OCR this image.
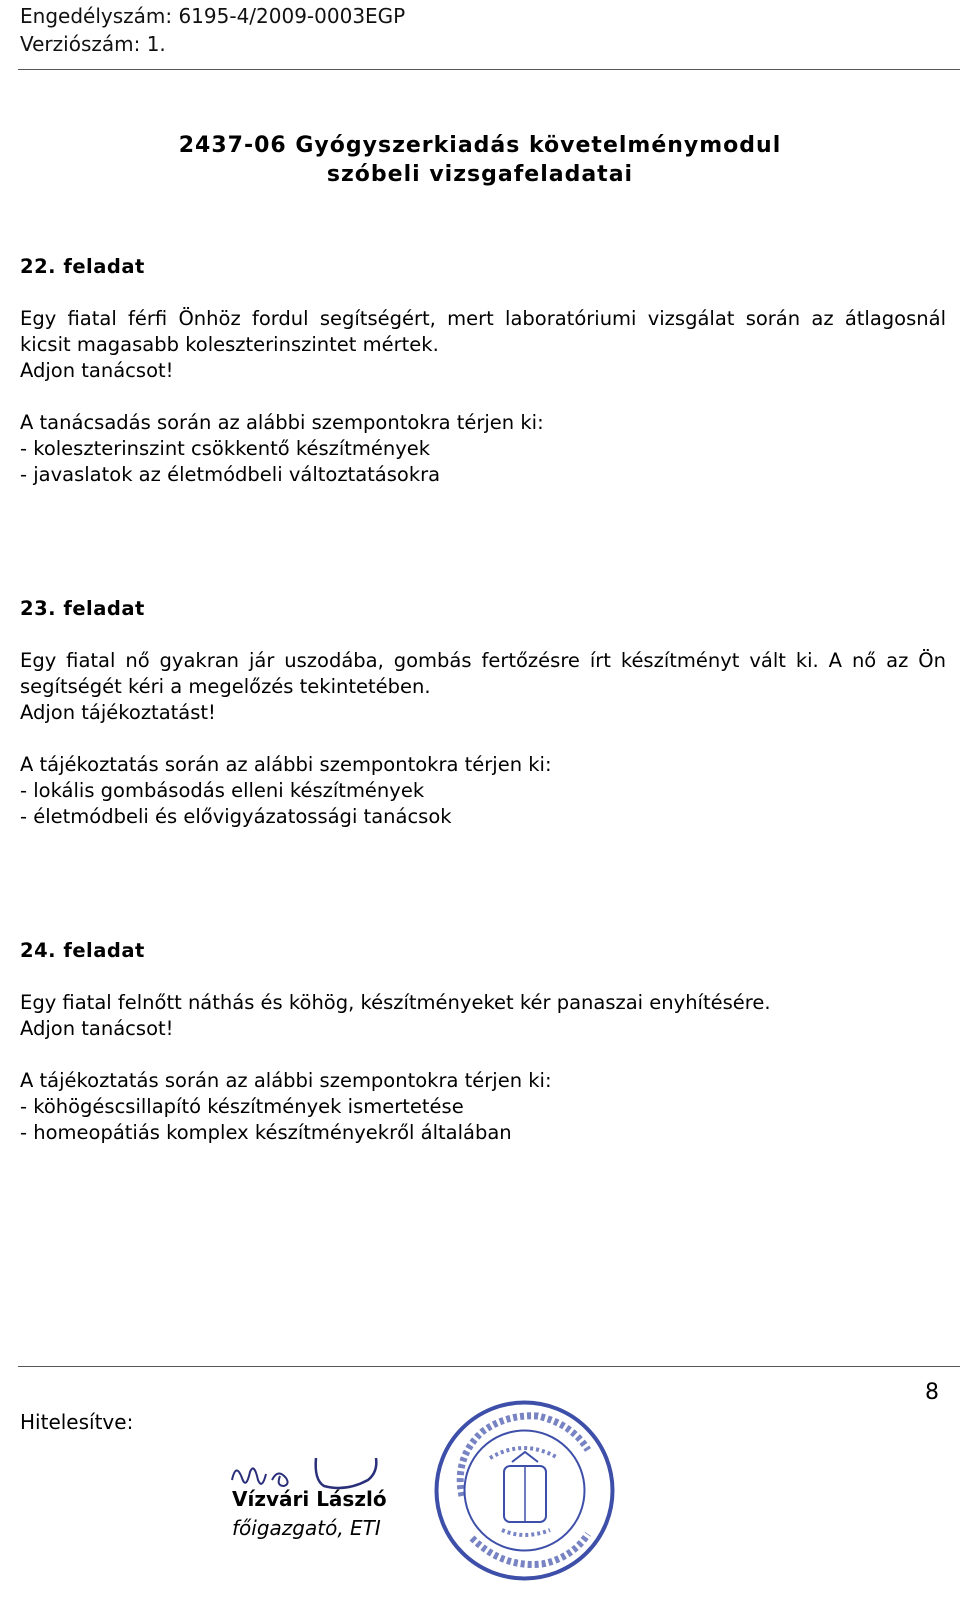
Engedélyszám: 6195-4/2009-0003EGP
Verziószám: 1.
2437-06 Gyógyszerkiadás követelménymodul
szóbeli vizsgafeladatai
22. feladat

Egy fiatal férfi Önhöz fordul segítségért, mert laboratóriumi vizsgálat során az átlagosnál kicsit magasabb koleszterinszintet mértek.

Adjon tanácsot!

A tanácsadás során az alábbi szempontokra térjen ki:

- koleszterinszint csökkentő készítmények

- javaslatok az életmódbeli változtatásokra

23. feladat

Egy fiatal nő gyakran jár uszodába, gombás fertőzésre írt készítményt vált ki. A nő az Ön segítségét kéri a megelőzés tekintetében.

Adjon tájékoztatást!

A tájékoztatás során az alábbi szempontokra térjen ki:

- lokális gombásodás elleni készítmények

- életmódbeli és elővigyázatossági tanácsok

24. feladat

Egy fiatal felnőtt náthás és köhög, készítményeket kér panaszai enyhítésére.

Adjon tanácsot!

A tájékoztatás során az alábbi szempontokra térjen ki:

- köhögéscsillapító készítmények ismertetése

- homeopátiás komplex készítményekről általában

8
Hitelesítve:
Vízvári László
főigazgató, ETI
